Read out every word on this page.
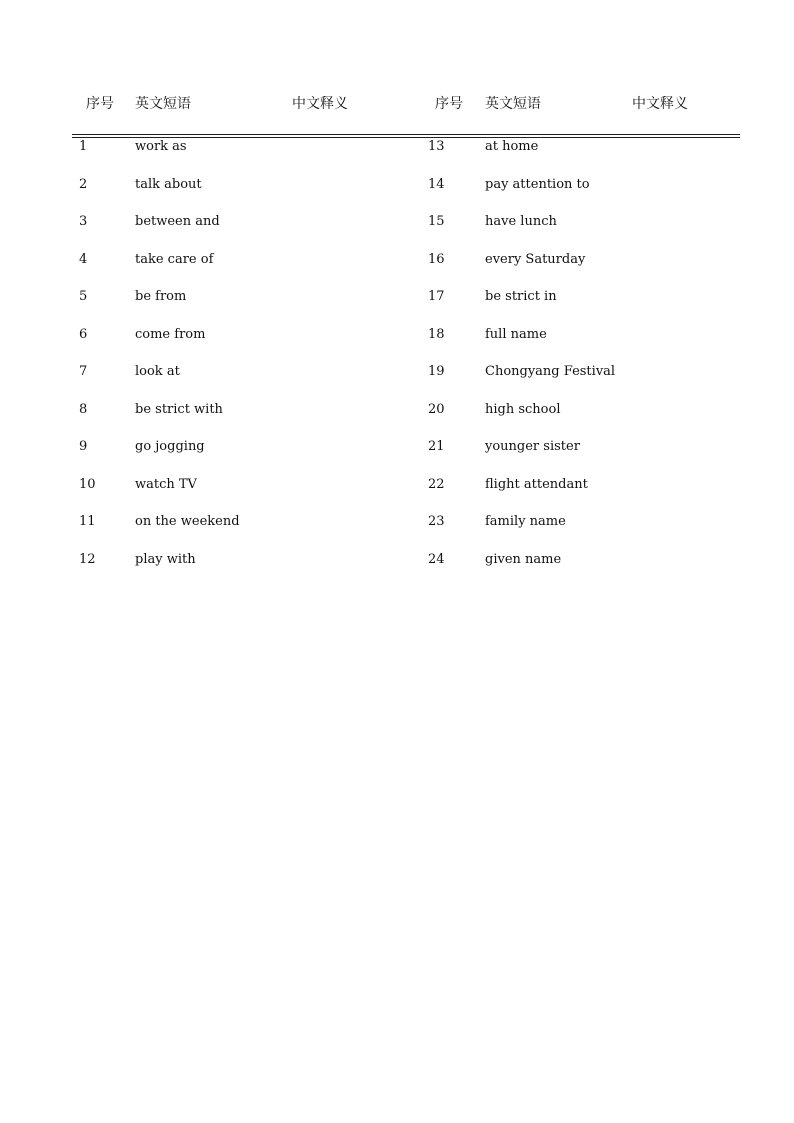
序号 英文短语	中文释义	序号 英文短语	中文释义
1	work as	13	at home
2	talk about	14	pay attention to
3	between and	15	have lunch
4	take care of	16	every Saturday
5	be from	17	be strict in
6	come from	18	full name
7	look at	19	Chongyang Festival
8	be strict with	20	high school
9	go jogging	21	younger sister
10	watch TV	22	flight attendant
11	on the weekend	23	family name
12	play with	24	given name
